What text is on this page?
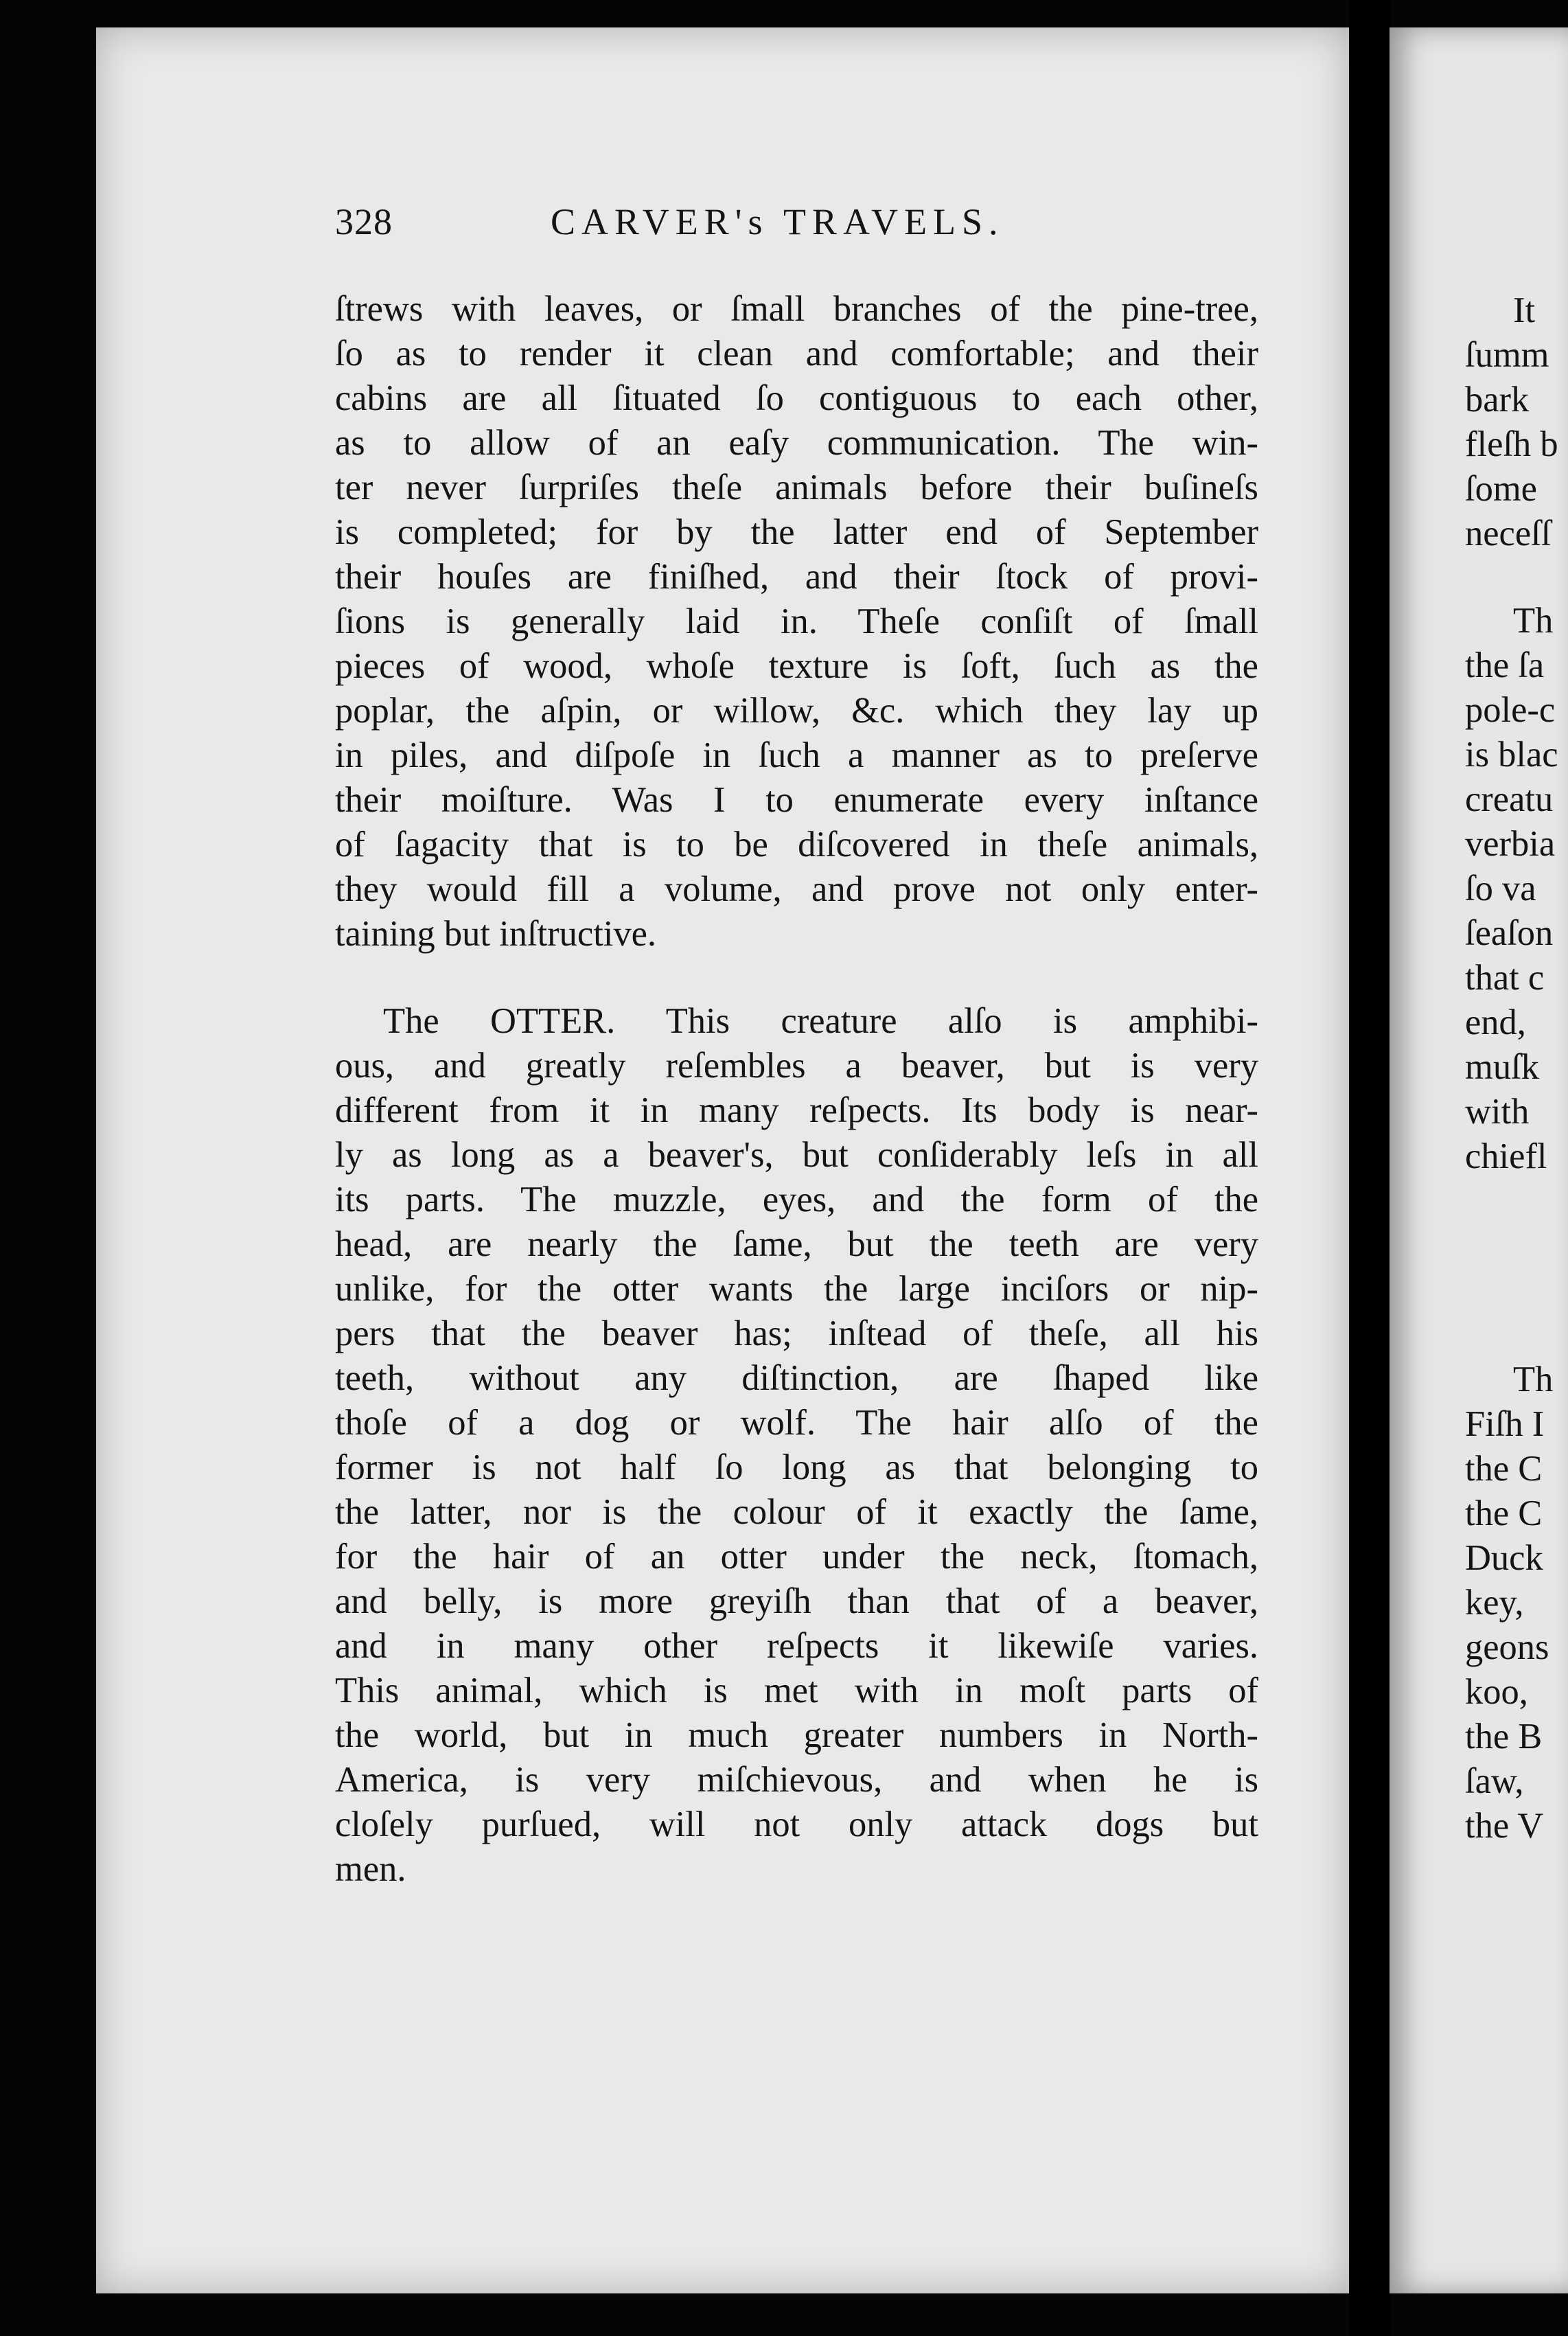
It
ſumm
bark
fleſh b
ſome
neceſſ
Th
the ſa
pole-c
is blac
creatu
verbia
ſo va
ſeaſon
that c
end,
muſk
with
chiefl
Th
Fiſh I
the C
the C
Duck
key,
geons
koo,
the B
ſaw,
the V
328	CARVER's TRAVELS.
ſtrews with leaves, or ſmall branches of the pine-tree,
ſo as to render it clean and comfortable; and their
cabins are all ſituated ſo contiguous to each other,
as to allow of an eaſy communication. The win-
ter never ſurpriſes theſe animals before their buſineſs
is completed; for by the latter end of September
their houſes are finiſhed, and their ſtock of provi-
ſions is generally laid in. Theſe conſiſt of ſmall
pieces of wood, whoſe texture is ſoft, ſuch as the
poplar, the aſpin, or willow, &c. which they lay up
in piles, and diſpoſe in ſuch a manner as to preſerve
their moiſture. Was I to enumerate every inſtance
of ſagacity that is to be diſcovered in theſe animals,
they would fill a volume, and prove not only enter-
taining but inſtructive.
The OTTER. This creature alſo is amphibi-
ous, and greatly reſembles a beaver, but is very
different from it in many reſpects. Its body is near-
ly as long as a beaver's, but conſiderably leſs in all
its parts. The muzzle, eyes, and the form of the
head, are nearly the ſame, but the teeth are very
unlike, for the otter wants the large inciſors or nip-
pers that the beaver has; inſtead of theſe, all his
teeth, without any diſtinction, are ſhaped like
thoſe of a dog or wolf. The hair alſo of the
former is not half ſo long as that belonging to
the latter, nor is the colour of it exactly the ſame,
for the hair of an otter under the neck, ſtomach,
and belly, is more greyiſh than that of a beaver,
and in many other reſpects it likewiſe varies.
This animal, which is met with in moſt parts of
the world, but in much greater numbers in North-
America, is very miſchievous, and when he is
cloſely purſued, will not only attack dogs but
men.
